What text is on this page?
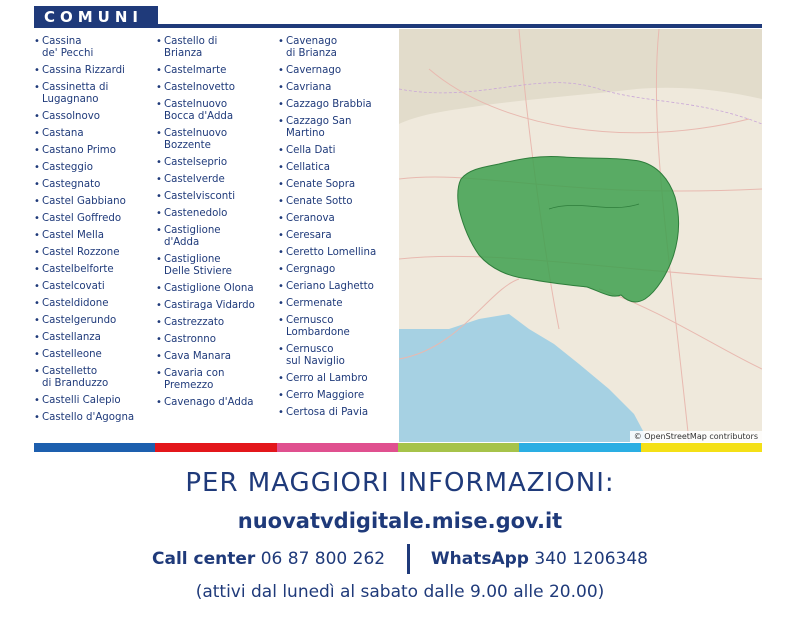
COMUNI
• Cassina
de' Pecchi
• Cassina Rizzardi
• Cassinetta di
Lugagnano
• Cassolnovo
• Castana
• Castano Primo
• Casteggio
• Castegnato
• Castel Gabbiano
• Castel Goffredo
• Castel Mella
• Castel Rozzone
• Castelbelforte
• Castelcovati
• Casteldidone
• Castelgerundo
• Castellanza
• Castelleone
• Castelletto
di Branduzzo
• Castelli Calepio
• Castello d'Agogna
• Castello di
Brianza
• Castelmarte
• Castelnovetto
• Castelnuovo
Bocca d'Adda
• Castelnuovo
Bozzente
• Castelseprio
• Castelverde
• Castelvisconti
• Castenedolo
• Castiglione
d'Adda
• Castiglione
Delle Stiviere
• Castiglione Olona
• Castiraga Vidardo
• Castrezzato
• Castronno
• Cava Manara
• Cavaria con
Premezzo
• Cavenago d'Adda
• Cavenago
di Brianza
• Cavernago
• Cavriana
• Cazzago Brabbia
• Cazzago San
Martino
• Cella Dati
• Cellatica
• Cenate Sopra
• Cenate Sotto
• Ceranova
• Ceresara
• Ceretto Lomellina
• Cergnago
• Ceriano Laghetto
• Cermenate
• Cernusco
Lombardone
• Cernusco
sul Naviglio
• Cerro al Lambro
• Cerro Maggiore
• Certosa di Pavia
© OpenStreetMap contributors
PER MAGGIORI INFORMAZIONI:
nuovatvdigitale.mise.gov.it
Call center 06 87 800 262	WhatsApp 340 1206348
(attivi dal lunedì al sabato dalle 9.00 alle 20.00)
